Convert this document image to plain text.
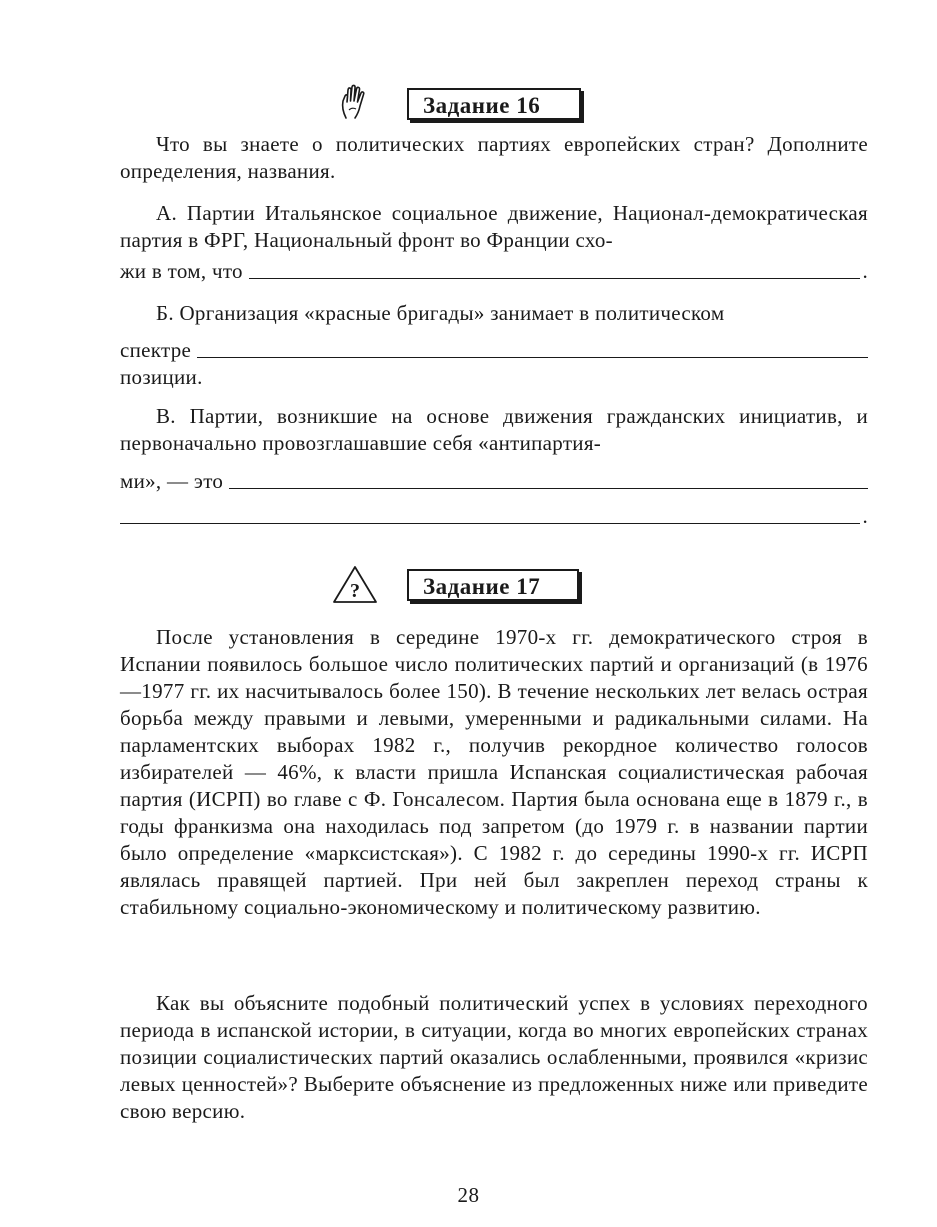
Задание 16

Что вы знаете о политических партиях европейских стран? Дополните определения, названия.

А. Партии Итальянское социальное движение, Национал-демократическая партия в ФРГ, Национальный фронт во Франции схо-

жи в том, что	.

Б. Организация «красные бригады» занимает в политическом

спектре
позиции.

В. Партии, возникшие на основе движения гражданских инициатив, и первоначально провозглашавшие себя «антипартия-

ми», — это
.
?	Задание 17

После установления в середине 1970-х гг. демократического строя в Испании появилось большое число политических партий и организаций (в 1976—1977 гг. их насчитывалось более 150). В течение нескольких лет велась острая борьба между правыми и левыми, умеренными и радикальными силами. На парламентских выборах 1982 г., получив рекордное количество голосов избирателей — 46%, к власти пришла Испанская социалистическая рабочая партия (ИСРП) во главе с Ф. Гонсалесом. Партия была основана еще в 1879 г., в годы франкизма она находилась под запретом (до 1979 г. в названии партии было определение «марксистская»). С 1982 г. до середины 1990-х гг. ИСРП являлась правящей партией. При ней был закреплен переход страны к стабильному социально-экономическому и политическому развитию.

Как вы объясните подобный политический успех в условиях переходного периода в испанской истории, в ситуации, когда во многих европейских странах позиции социалистических партий оказались ослабленными, проявился «кризис левых ценностей»? Выберите объяснение из предложенных ниже или приведите свою версию.

28
